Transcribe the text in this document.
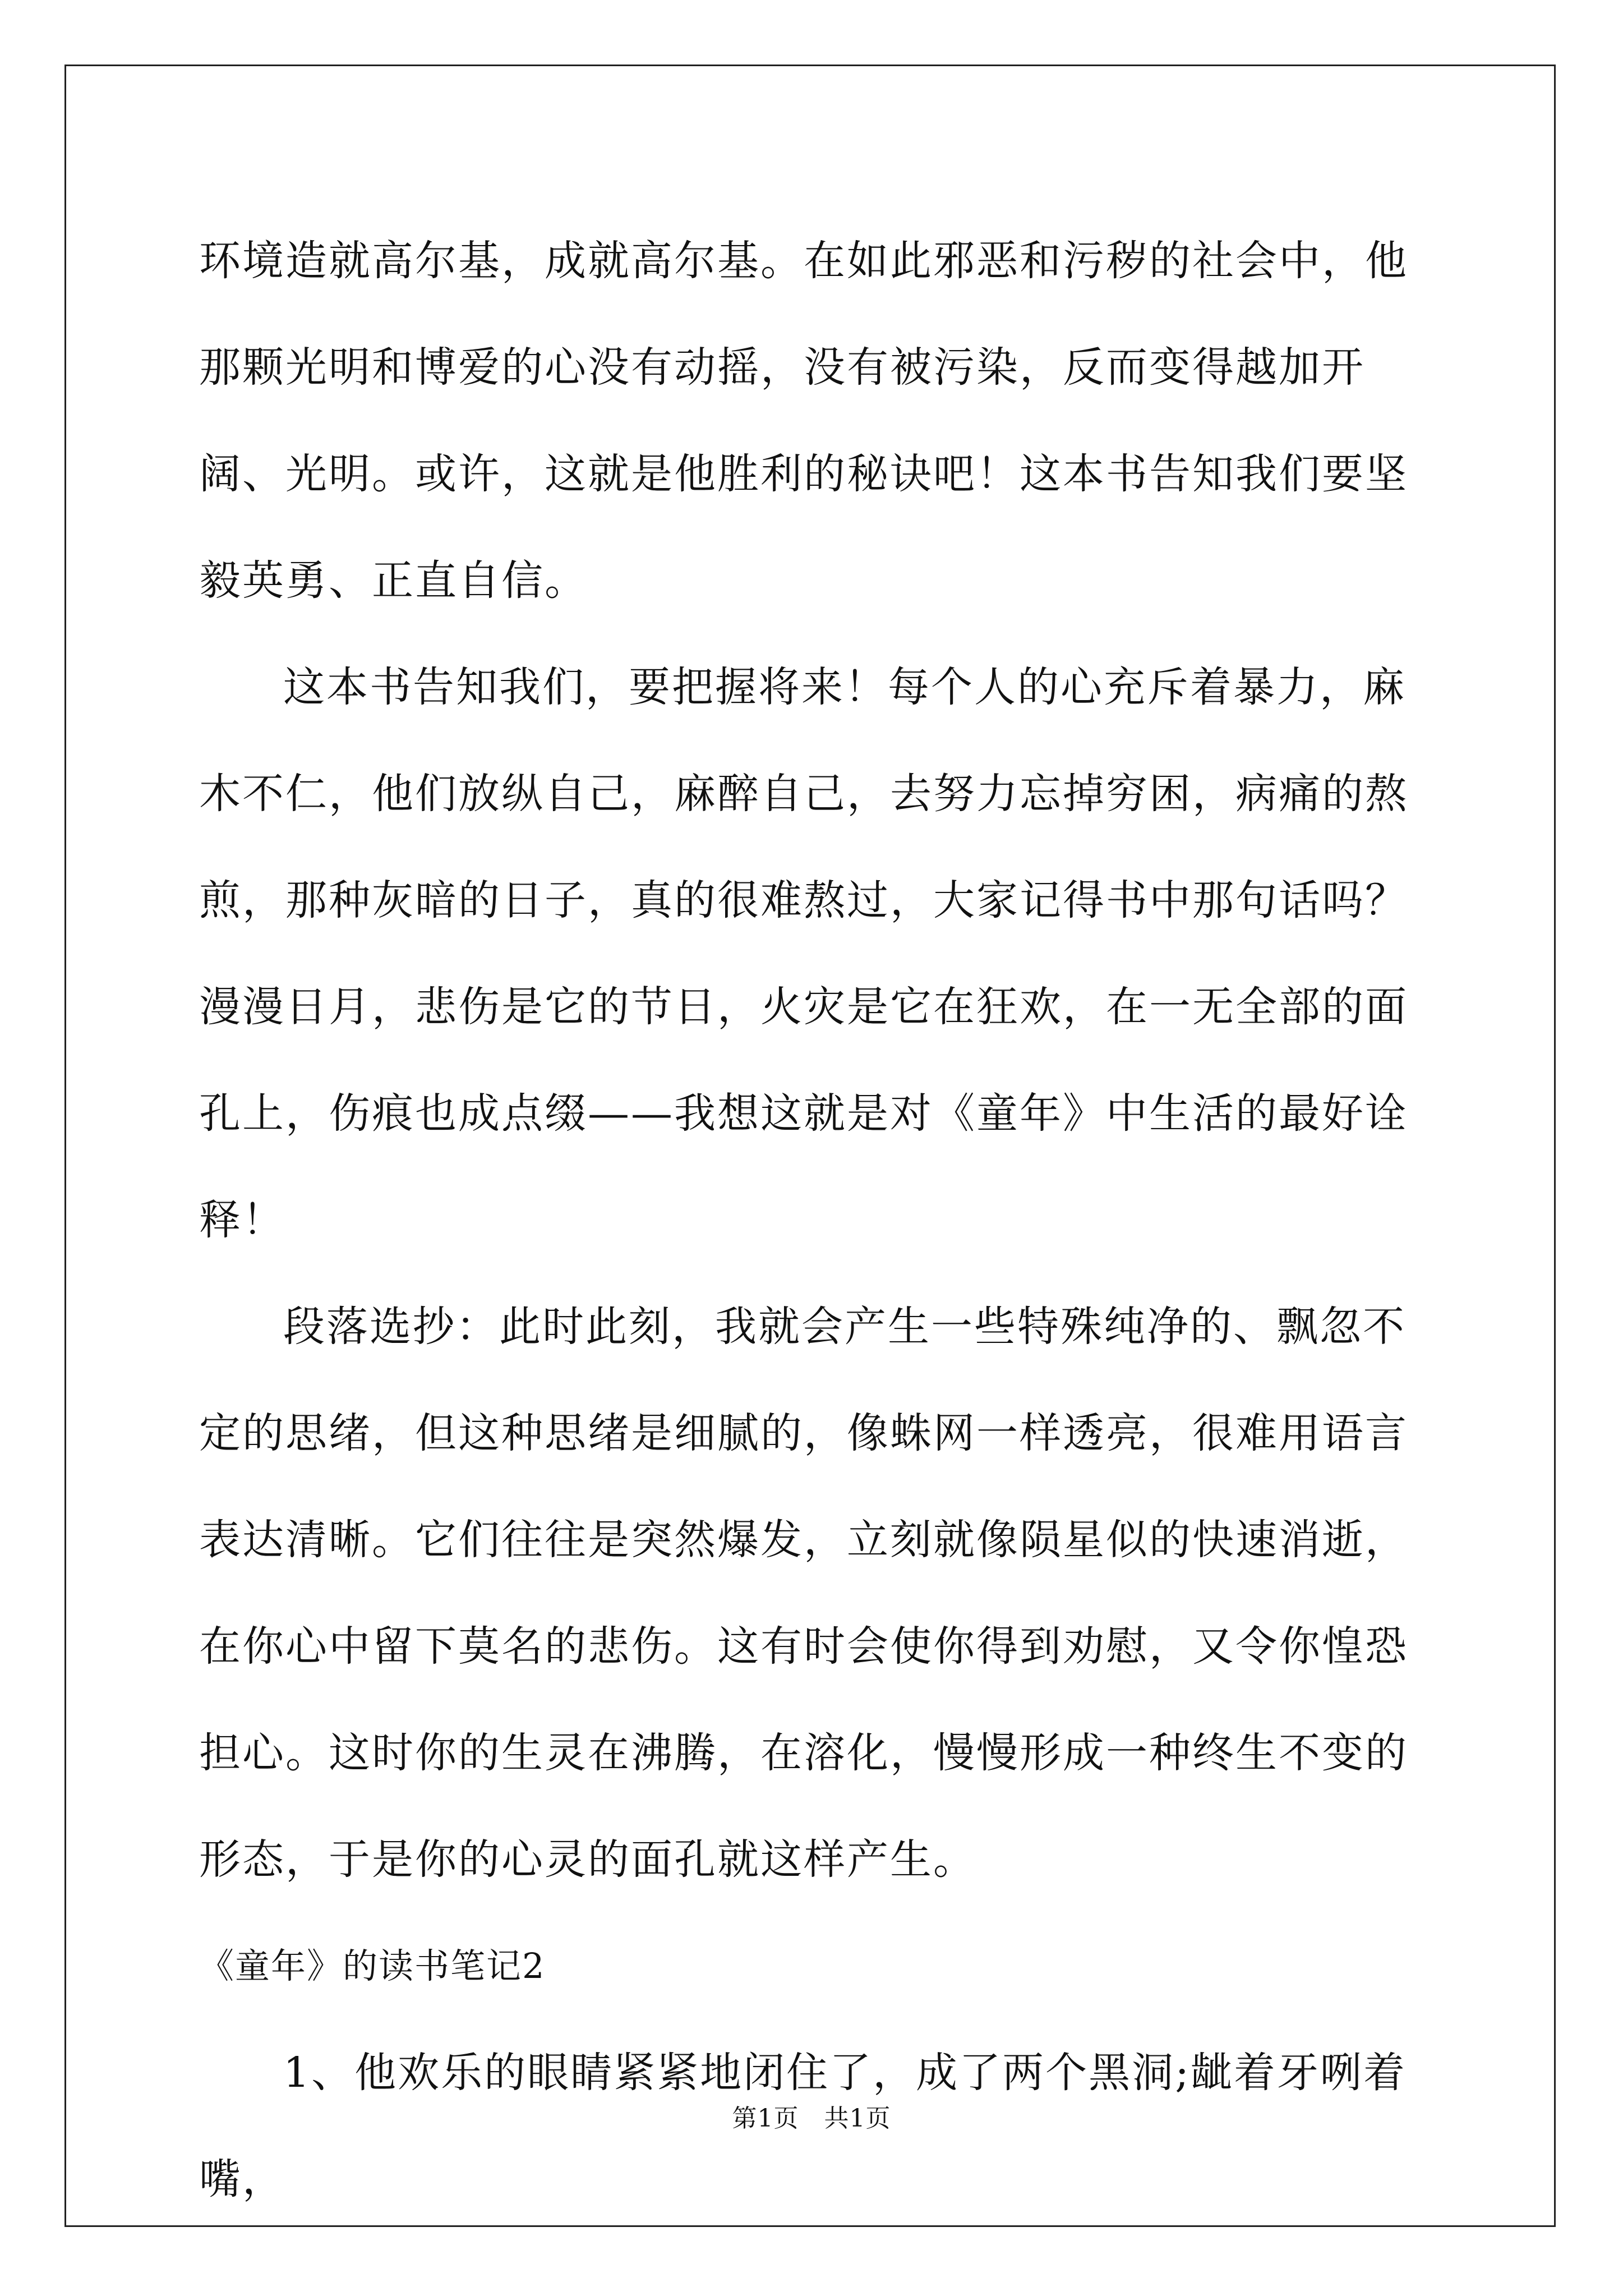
环境造就高尔基，成就高尔基。在如此邪恶和污秽的社会中，他那颗光明和博爱的心没有动摇，没有被污染，反而变得越加开阔、光明。或许，这就是他胜利的秘诀吧！这本书告知我们要坚毅英勇、正直自信。

这本书告知我们，要把握将来！每个人的心充斥着暴力，麻木不仁，他们放纵自己，麻醉自己，去努力忘掉穷困，病痛的熬煎，那种灰暗的日子，真的很难熬过，大家记得书中那句话吗？漫漫日月，悲伤是它的节日，火灾是它在狂欢，在一无全部的面孔上，伤痕也成点缀——我想这就是对《童年》中生活的最好诠释！

段落选抄：此时此刻，我就会产生一些特殊纯净的、飘忽不定的思绪，但这种思绪是细腻的，像蛛网一样透亮，很难用语言表达清晰。它们往往是突然爆发，立刻就像陨星似的快速消逝，在你心中留下莫名的悲伤。这有时会使你得到劝慰，又令你惶恐担心。这时你的生灵在沸腾，在溶化，慢慢形成一种终生不变的形态，于是你的心灵的面孔就这样产生。

《童年》的读书笔记2

1、他欢乐的眼睛紧紧地闭住了，成了两个黑洞;龇着牙咧着嘴，

第1页　共1页
